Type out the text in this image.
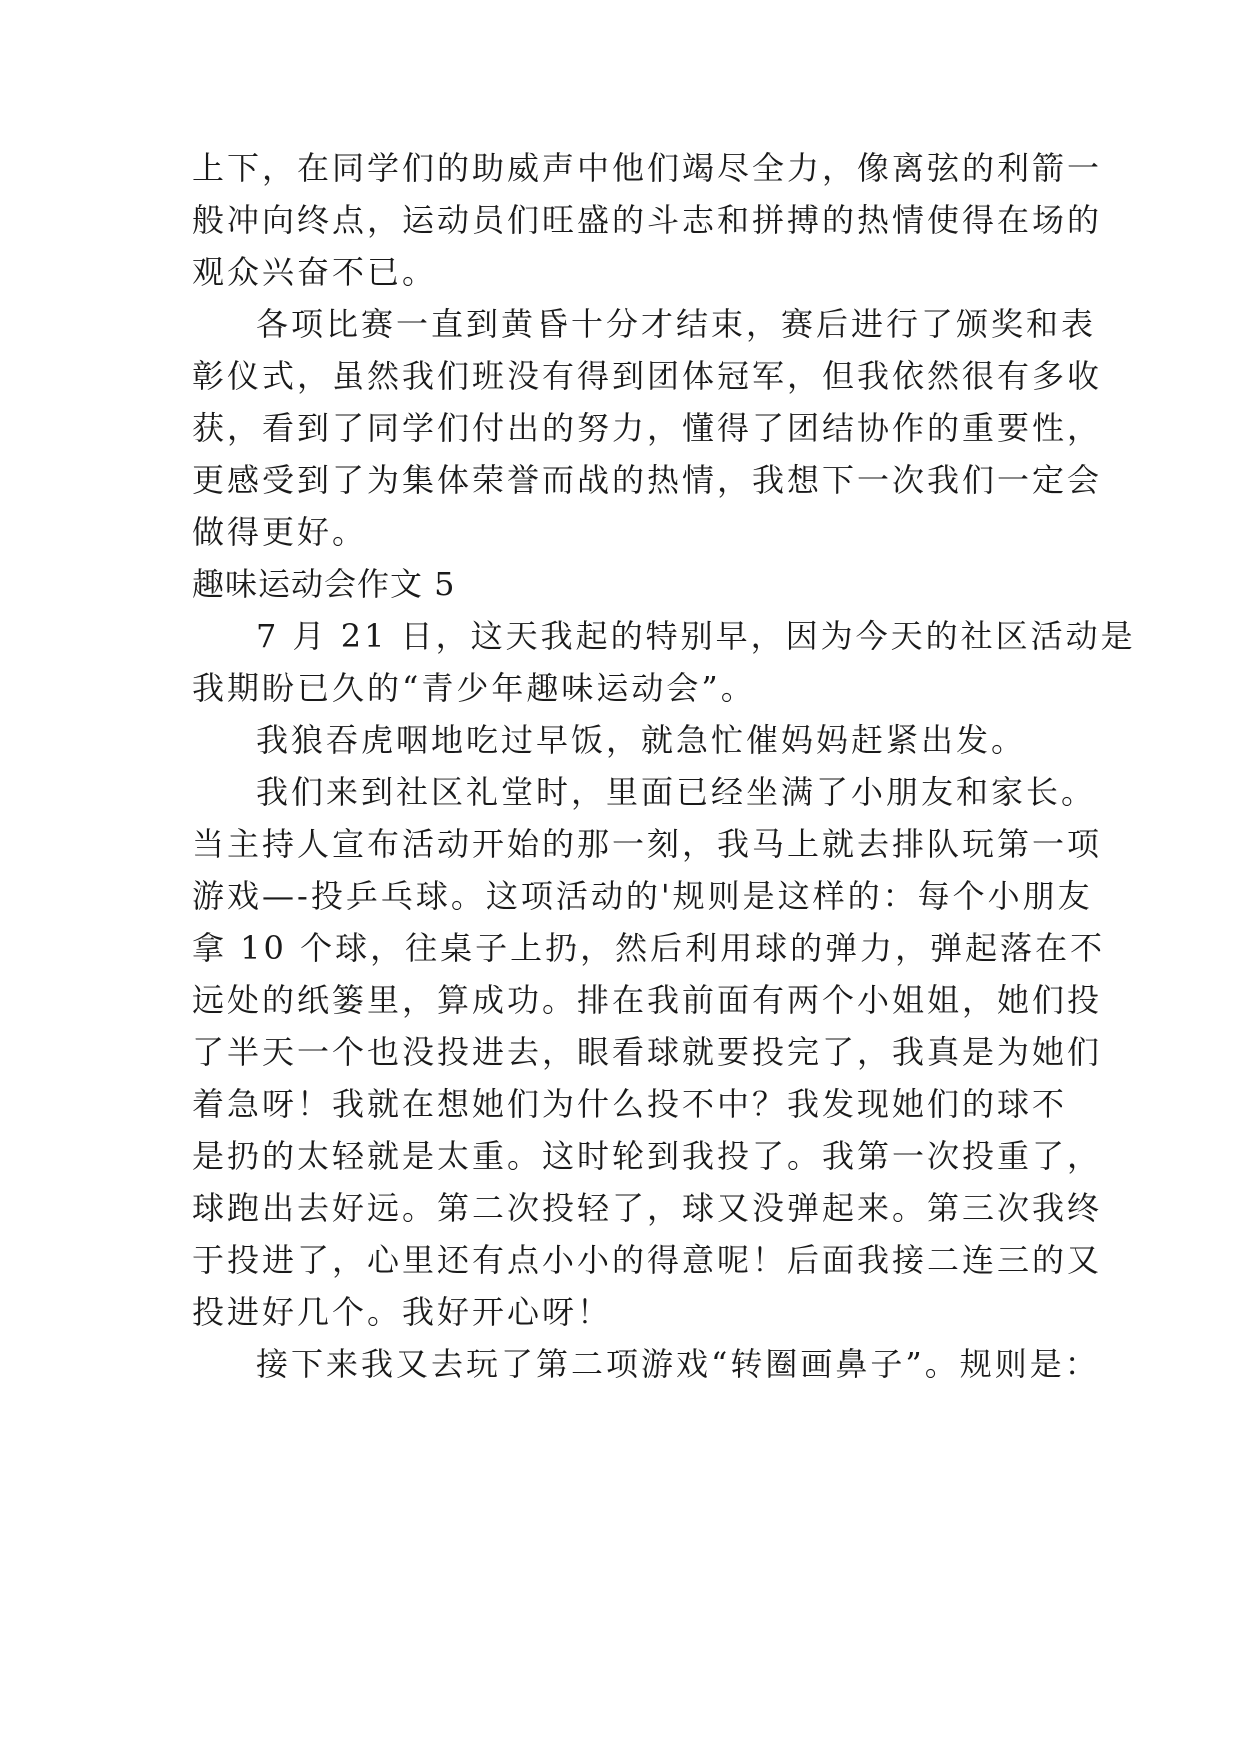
上下，在同学们的助威声中他们竭尽全力，像离弦的利箭一
般冲向终点，运动员们旺盛的斗志和拼搏的热情使得在场的
观众兴奋不已。
各项比赛一直到黄昏十分才结束，赛后进行了颁奖和表
彰仪式，虽然我们班没有得到团体冠军，但我依然很有多收
获，看到了同学们付出的努力，懂得了团结协作的重要性，
更感受到了为集体荣誉而战的热情，我想下一次我们一定会
做得更好。
趣味运动会作文 5
7 月 21 日，这天我起的特别早，因为今天的社区活动是
我期盼已久的“青少年趣味运动会”。
我狼吞虎咽地吃过早饭，就急忙催妈妈赶紧出发。
我们来到社区礼堂时，里面已经坐满了小朋友和家长。
当主持人宣布活动开始的那一刻，我马上就去排队玩第一项
游戏—-投乒乓球。这项活动的'规则是这样的：每个小朋友
拿 10 个球，往桌子上扔，然后利用球的弹力，弹起落在不
远处的纸篓里，算成功。排在我前面有两个小姐姐，她们投
了半天一个也没投进去，眼看球就要投完了，我真是为她们
着急呀！我就在想她们为什么投不中？我发现她们的球不
是扔的太轻就是太重。这时轮到我投了。我第一次投重了，
球跑出去好远。第二次投轻了，球又没弹起来。第三次我终
于投进了，心里还有点小小的得意呢！后面我接二连三的又
投进好几个。我好开心呀！
接下来我又去玩了第二项游戏“转圈画鼻子”。规则是：
